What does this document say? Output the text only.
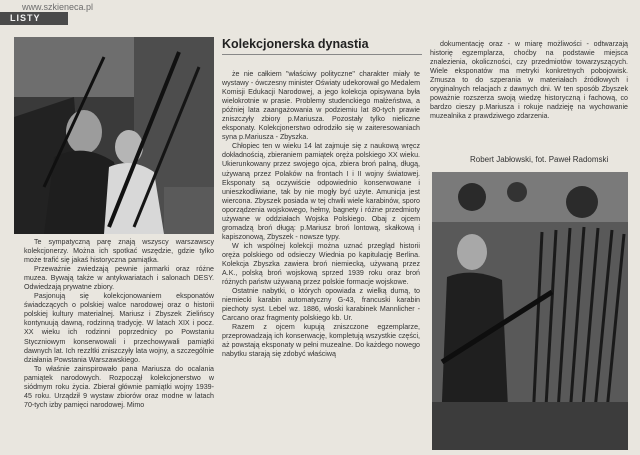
www.szkieneca.pl
LISTY

Te sympatyczną parę znają wszyscy warszawscy kolekcjonerzy. Można ich spotkać wszędzie, gdzie tylko może trafić się jakaś historyczna pamiątka.

Przeważnie zwiedzają pewnie jarmarki oraz różne muzea. Bywają także w antykwariatach i salonach DESY. Odwiedzają prywatne zbiory.

Pasjonują się kolekcjonowaniem eksponatów świadczących o polskiej walce narodowej oraz o historii polskiej kultury materialnej. Mariusz i Zbyszek Zielińscy kontynuują dawną, rodzinną tradycję. W latach XIX i pocz. XX wieku ich rodzinni poprzednicy po Powstaniu Styczniowym konserwowali i przechowywali pamiątki dawnych lat. Ich rezzltki zniszczyły lata wojny, a szczególnie działania Powstania Warszawskiego.

To właśnie zainspirowało pana Mariusza do ocalania pamiątek narodowych. Rozpoczął kolekcjonerstwo w siódmym roku życia. Zbierał głównie pamiątki wojny 1939-45 roku. Urządził 9 wystaw zbiorów oraz modne w latach 70-tych izby pamięci narodowej. Mimo

Kolekcjonerska dynastia

że nie całkiem "właściwy polityczne" charakter miały te wystawy - ówczesny minister Oświaty udekorował go Medalem Komisji Edukacji Narodowej, a jego kolekcja opisywana była wielokrotnie w prasie. Problemy studenckiego małżeństwa, a później lata zaangażowania w podziemiu lat 80-tych prawie zniszczyły zbiory p.Mariusza. Pozostały tylko nieliczne eksponaty. Kolekcjonerstwo odrodziło się w zaiteresowaniach syna p.Mariusza - Zbyszka.

Chłopiec ten w wieku 14 lat zajmuje się z naukową wręcz dokładnością, zbieraniem pamiątek oręża polskiego XX wieku. Ukierunkowany przez swojego ojca, zbiera broń palną, długą, używaną przez Polaków na frontach I i II wojny światowej. Eksponaty są oczywiście odpowiednio konserwowane i unieszkodliwiane, tak by nie mogły być użyte. Amunicja jest wiercona. Zbyszek posiada w tej chwili wiele karabinów, sporo oporządzenia wojskowego, hełmy, bagnety i różne przedmioty używane w oddziałach Wojska Polskiego. Obaj z ojcem gromadzą broń długą: p.Mariusz broń lontową, skałkową i kapiszonową, Zbyszek - nowsze typy.

W ich wspólnej kolekcji można uznać przegląd historii oręża polskiego od odsieczy Wiednia po kapitulację Berlina. Kolekcja Zbyszka zawiera broń niemiecką, używaną przez A.K., polską broń wojskową sprzed 1939 roku oraz broń różnych państw używaną przez polskie formacje wojskowe.

Ostatnie nabytki, o których opowiada z wielką dumą, to niemiecki karabin automatyczny G-43, francuski karabin piechoty syst. Lebel wz. 1886, włoski karabinek Mannlicher - Carcano oraz fragmenty polskiego kb. Ur.

Razem z ojcem kupują zniszczone egzemplarze, przeprowadzają ich konserwację, kompletują wszystkie części, aż powstają eksponaty w pełni muzealne. Do każdego nowego nabytku starają się zdobyć właściwą

dokumentację oraz - w miarę możliwości - odtwarzają historię egzemplarza, choćby na podstawie miejsca znalezienia, okoliczności, czy przedmiotów towarzyszących. Wiele eksponatów ma metryki konkretnych pobojowisk. Zmusza to do szperania w materiałach źródłowych i oryginalnych relacjach z dawnych dni. W ten sposób Zbyszek poważnie rozszerza swoją wiedzę historyczną i fachową, co bardzo cieszy p.Mariusza i rokuje nadzieję na wychowanie muzealnika z prawdziwego zdarzenia.

Robert Jabłowski, fot. Paweł Radomski
